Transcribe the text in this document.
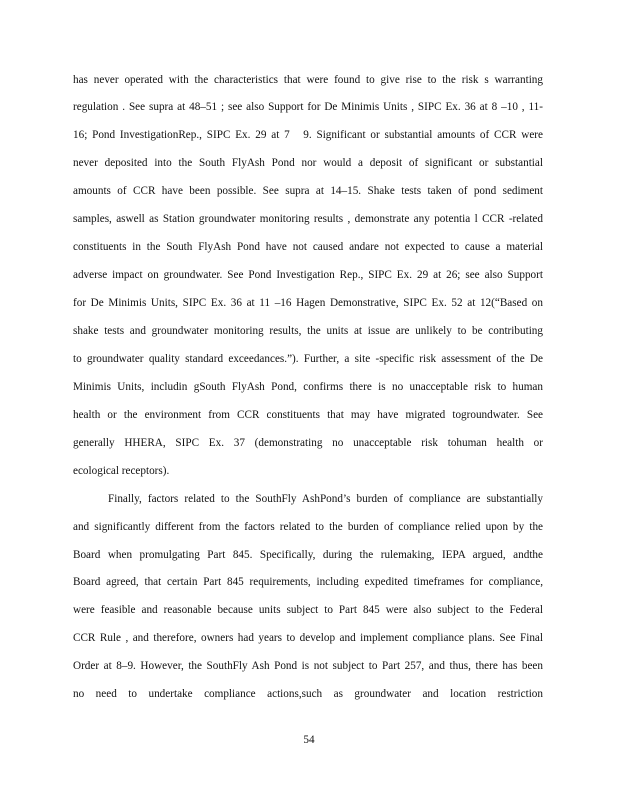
has never operated with the characteristics that were found to give rise to the risk s warranting
regulation . See supra at 48–51 ; see also Support for De Minimis Units , SIPC Ex. 36 at 8 –10 , 11-
16; Pond InvestigationRep., SIPC Ex. 29 at 7  9. Significant or substantial amounts of CCR were
never deposited into the South FlyAsh Pond nor would a deposit of significant or substantial
amounts of CCR have been possible. See supra at 14–15. Shake tests taken of pond sediment
samples, aswell as Station groundwater monitoring results , demonstrate any potentia l CCR -related
constituents in the South FlyAsh Pond have not caused andare not expected to cause a material
adverse impact on groundwater. See Pond Investigation Rep., SIPC Ex. 29 at 26; see also Support
for De Minimis Units, SIPC Ex. 36 at 11 –16 Hagen Demonstrative, SIPC Ex. 52 at 12(“Based on
shake tests and groundwater monitoring results, the units at issue are unlikely to be contributing
to groundwater quality standard exceedances.”). Further, a site -specific risk assessment of the De
Minimis Units, includin gSouth FlyAsh Pond, confirms there is no unacceptable risk to human
health or the environment from CCR constituents that may have migrated togroundwater. See
generally HHERA, SIPC Ex. 37 (demonstrating no unacceptable risk tohuman health or
ecological receptors).
Finally, factors related to the SouthFly AshPond’s burden of compliance are substantially
and significantly different from the factors related to the burden of compliance relied upon by the
Board when promulgating Part 845. Specifically, during the rulemaking, IEPA argued, andthe
Board agreed, that certain Part 845 requirements, including expedited timeframes for compliance,
were feasible and reasonable because units subject to Part 845 were also subject to the Federal
CCR Rule , and therefore, owners had years to develop and implement compliance plans. See Final
Order at 8–9. However, the SouthFly Ash Pond is not subject to Part 257, and thus, there has been
no need to undertake compliance actions,such as groundwater and location restriction
54
